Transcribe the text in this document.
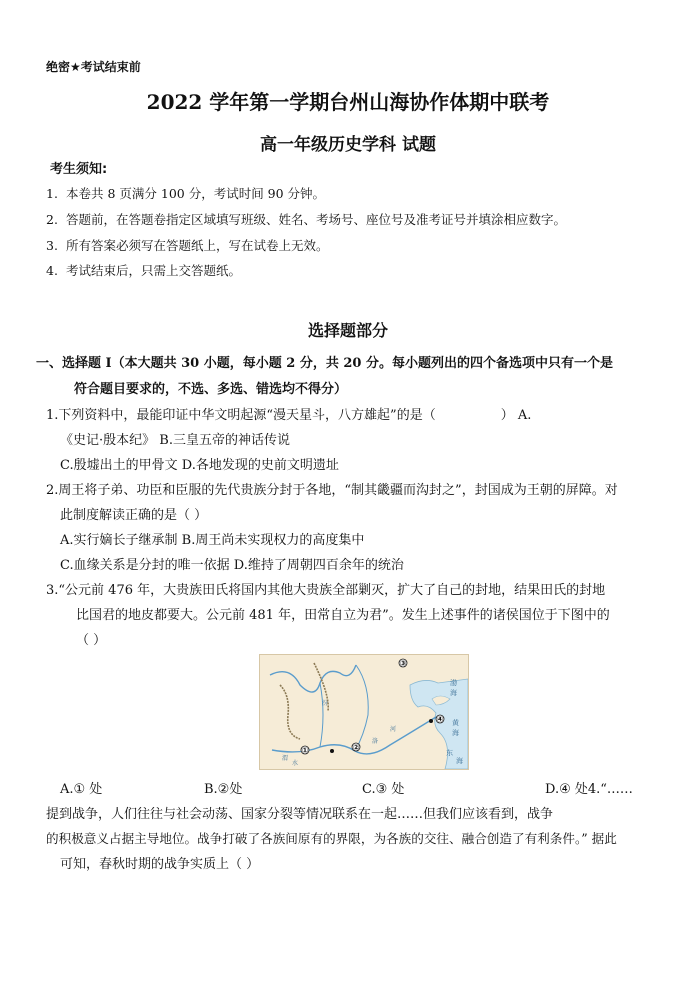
绝密★考试结束前
2022 学年第一学期台州山海协作体期中联考
高一年级历史学科 试题
考生须知:
1. 本卷共 8 页满分 100 分，考试时间 90 分钟。
2. 答题前，在答题卷指定区域填写班级、姓名、考场号、座位号及准考证号并填涂相应数字。
3. 所有答案必须写在答题纸上，写在试卷上无效。
4. 考试结束后，只需上交答题纸。
选择题部分
一、选择题 I（本大题共 30 小题，每小题 2 分，共 20 分。每小题列出的四个备选项中只有一个是
符合题目要求的，不选、多选、错选均不得分）
1.下列资料中，最能印证中华文明起源“漫天星斗，八方雄起”的是（　　　　　） A.
《史记·殷本纪》 B.三皇五帝的神话传说
C.殷墟出土的甲骨文 D.各地发现的史前文明遗址
2.周王将子弟、功臣和臣服的先代贵族分封于各地，“制其畿疆而沟封之”，封国成为王朝的屏障。对
此制度解读正确的是（ ）
A.实行嫡长子继承制 B.周王尚未实现权力的高度集中
C.血缘关系是分封的唯一依据 D.维持了周朝四百余年的统治
3.“公元前 476 年，大贵族田氏将国内其他大贵族全部剿灭，扩大了自己的封地，结果田氏的封地
比国君的地皮都要大。公元前 481 年，田常自立为君”。发生上述事件的诸侯国位于下图中的
（ ）
①	②
③
④
渤
海
黄
海
东
海
渭
水
洛
汾
河
A.① 处	B.②处	C.③ 处	D.④ 处4.“……
提到战争，人们往往与社会动荡、国家分裂等情况联系在一起……但我们应该看到，战争
的积极意义占据主导地位。战争打破了各族间原有的界限，为各族的交往、融合创造了有利条件。” 据此
可知，春秋时期的战争实质上（ ）
